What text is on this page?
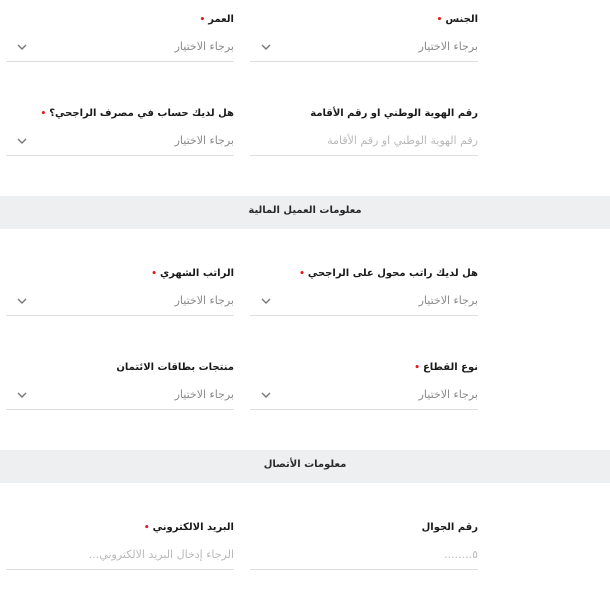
الجنس•
برجاء الاختيار
العمر•
برجاء الاختيار
رقم الهوية الوطني او رقم الأقامة
رقم الهوية الوطني او رقم الأقامة
هل لديك حساب في مصرف الراجحي؟•
برجاء الاختيار
معلومات العميل المالية
هل لديك راتب محول على الراجحي•
برجاء الاختيار
الراتب الشهري•
برجاء الاختيار
نوع القطاع•
برجاء الاختيار
منتجات بطاقات الائتمان
برجاء الاختيار
معلومات الأتصال
رقم الجوال
٥........
البريد الالكتروني•
الرجاء إدخال البريد الالكتروني...
